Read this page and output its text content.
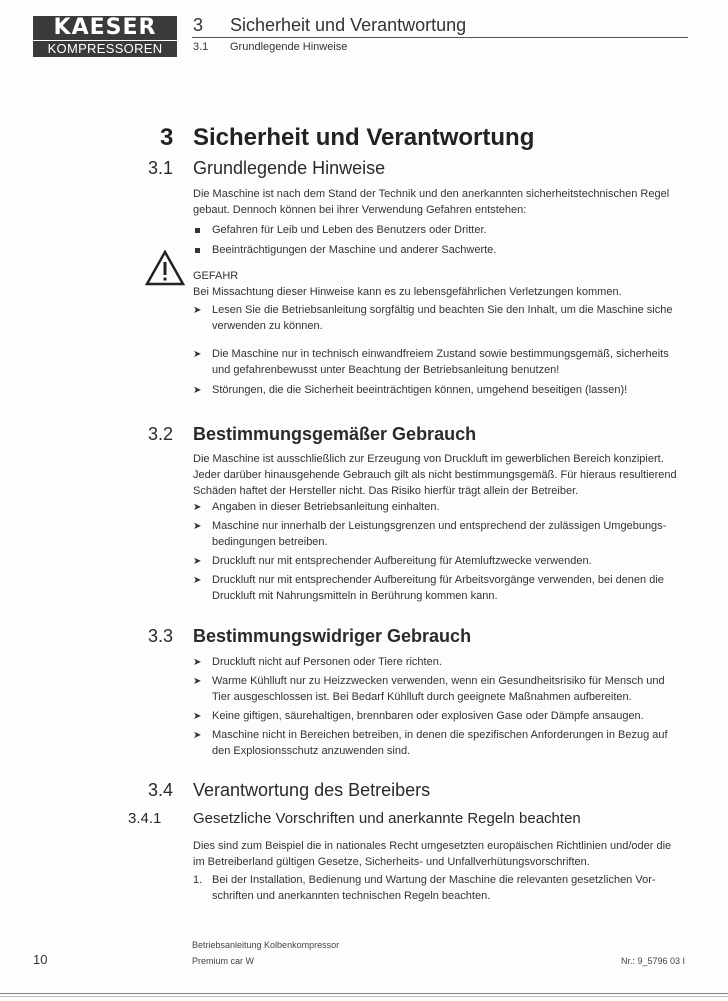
KAESER
KOMPRESSOREN
3 Sicherheit und Verantwortung
3.1 Grundlegende Hinweise
3 Sicherheit und Verantwortung
3.1 Grundlegende Hinweise
Die Maschine ist nach dem Stand der Technik und den anerkannten sicherheitstechnischen Regel
gebaut. Dennoch können bei ihrer Verwendung Gefahren entstehen:
Gefahren für Leib und Leben des Benutzers oder Dritter.
Beeinträchtigungen der Maschine und anderer Sachwerte.
GEFAHR
Bei Missachtung dieser Hinweise kann es zu lebensgefährlichen Verletzungen kommen.
➤ Lesen Sie die Betriebsanleitung sorgfältig und beachten Sie den Inhalt, um die Maschine siche
verwenden zu können.
➤ Die Maschine nur in technisch einwandfreiem Zustand sowie bestimmungsgemäß, sicherheits
und gefahrenbewusst unter Beachtung der Betriebsanleitung benutzen!
➤ Störungen, die die Sicherheit beeinträchtigen können, umgehend beseitigen (lassen)!
3.2 Bestimmungsgemäßer Gebrauch
Die Maschine ist ausschließlich zur Erzeugung von Druckluft im gewerblichen Bereich konzipiert.
Jeder darüber hinausgehende Gebrauch gilt als nicht bestimmungsgemäß. Für hieraus resultierend
Schäden haftet der Hersteller nicht. Das Risiko hierfür trägt allein der Betreiber.
➤ Angaben in dieser Betriebsanleitung einhalten.
➤ Maschine nur innerhalb der Leistungsgrenzen und entsprechend der zulässigen Umgebungs-
bedingungen betreiben.
➤ Druckluft nur mit entsprechender Aufbereitung für Atemluftzwecke verwenden.
➤ Druckluft nur mit entsprechender Aufbereitung für Arbeitsvorgänge verwenden, bei denen die
Druckluft mit Nahrungsmitteln in Berührung kommen kann.
3.3 Bestimmungswidriger Gebrauch
➤ Druckluft nicht auf Personen oder Tiere richten.
➤ Warme Kühlluft nur zu Heizzwecken verwenden, wenn ein Gesundheitsrisiko für Mensch und
Tier ausgeschlossen ist. Bei Bedarf Kühlluft durch geeignete Maßnahmen aufbereiten.
➤ Keine giftigen, säurehaltigen, brennbaren oder explosiven Gase oder Dämpfe ansaugen.
➤ Maschine nicht in Bereichen betreiben, in denen die spezifischen Anforderungen in Bezug auf
den Explosionsschutz anzuwenden sind.
3.4 Verantwortung des Betreibers
3.4.1 Gesetzliche Vorschriften und anerkannte Regeln beachten
Dies sind zum Beispiel die in nationales Recht umgesetzten europäischen Richtlinien und/oder die
im Betreiberland gültigen Gesetze, Sicherheits- und Unfallverhütungsvorschriften.
1. Bei der Installation, Bedienung und Wartung der Maschine die relevanten gesetzlichen Vor-
schriften und anerkannten technischen Regeln beachten.
10
Betriebsanleitung Kolbenkompressor
Premium car W	Nr.: 9_5796 03 I
